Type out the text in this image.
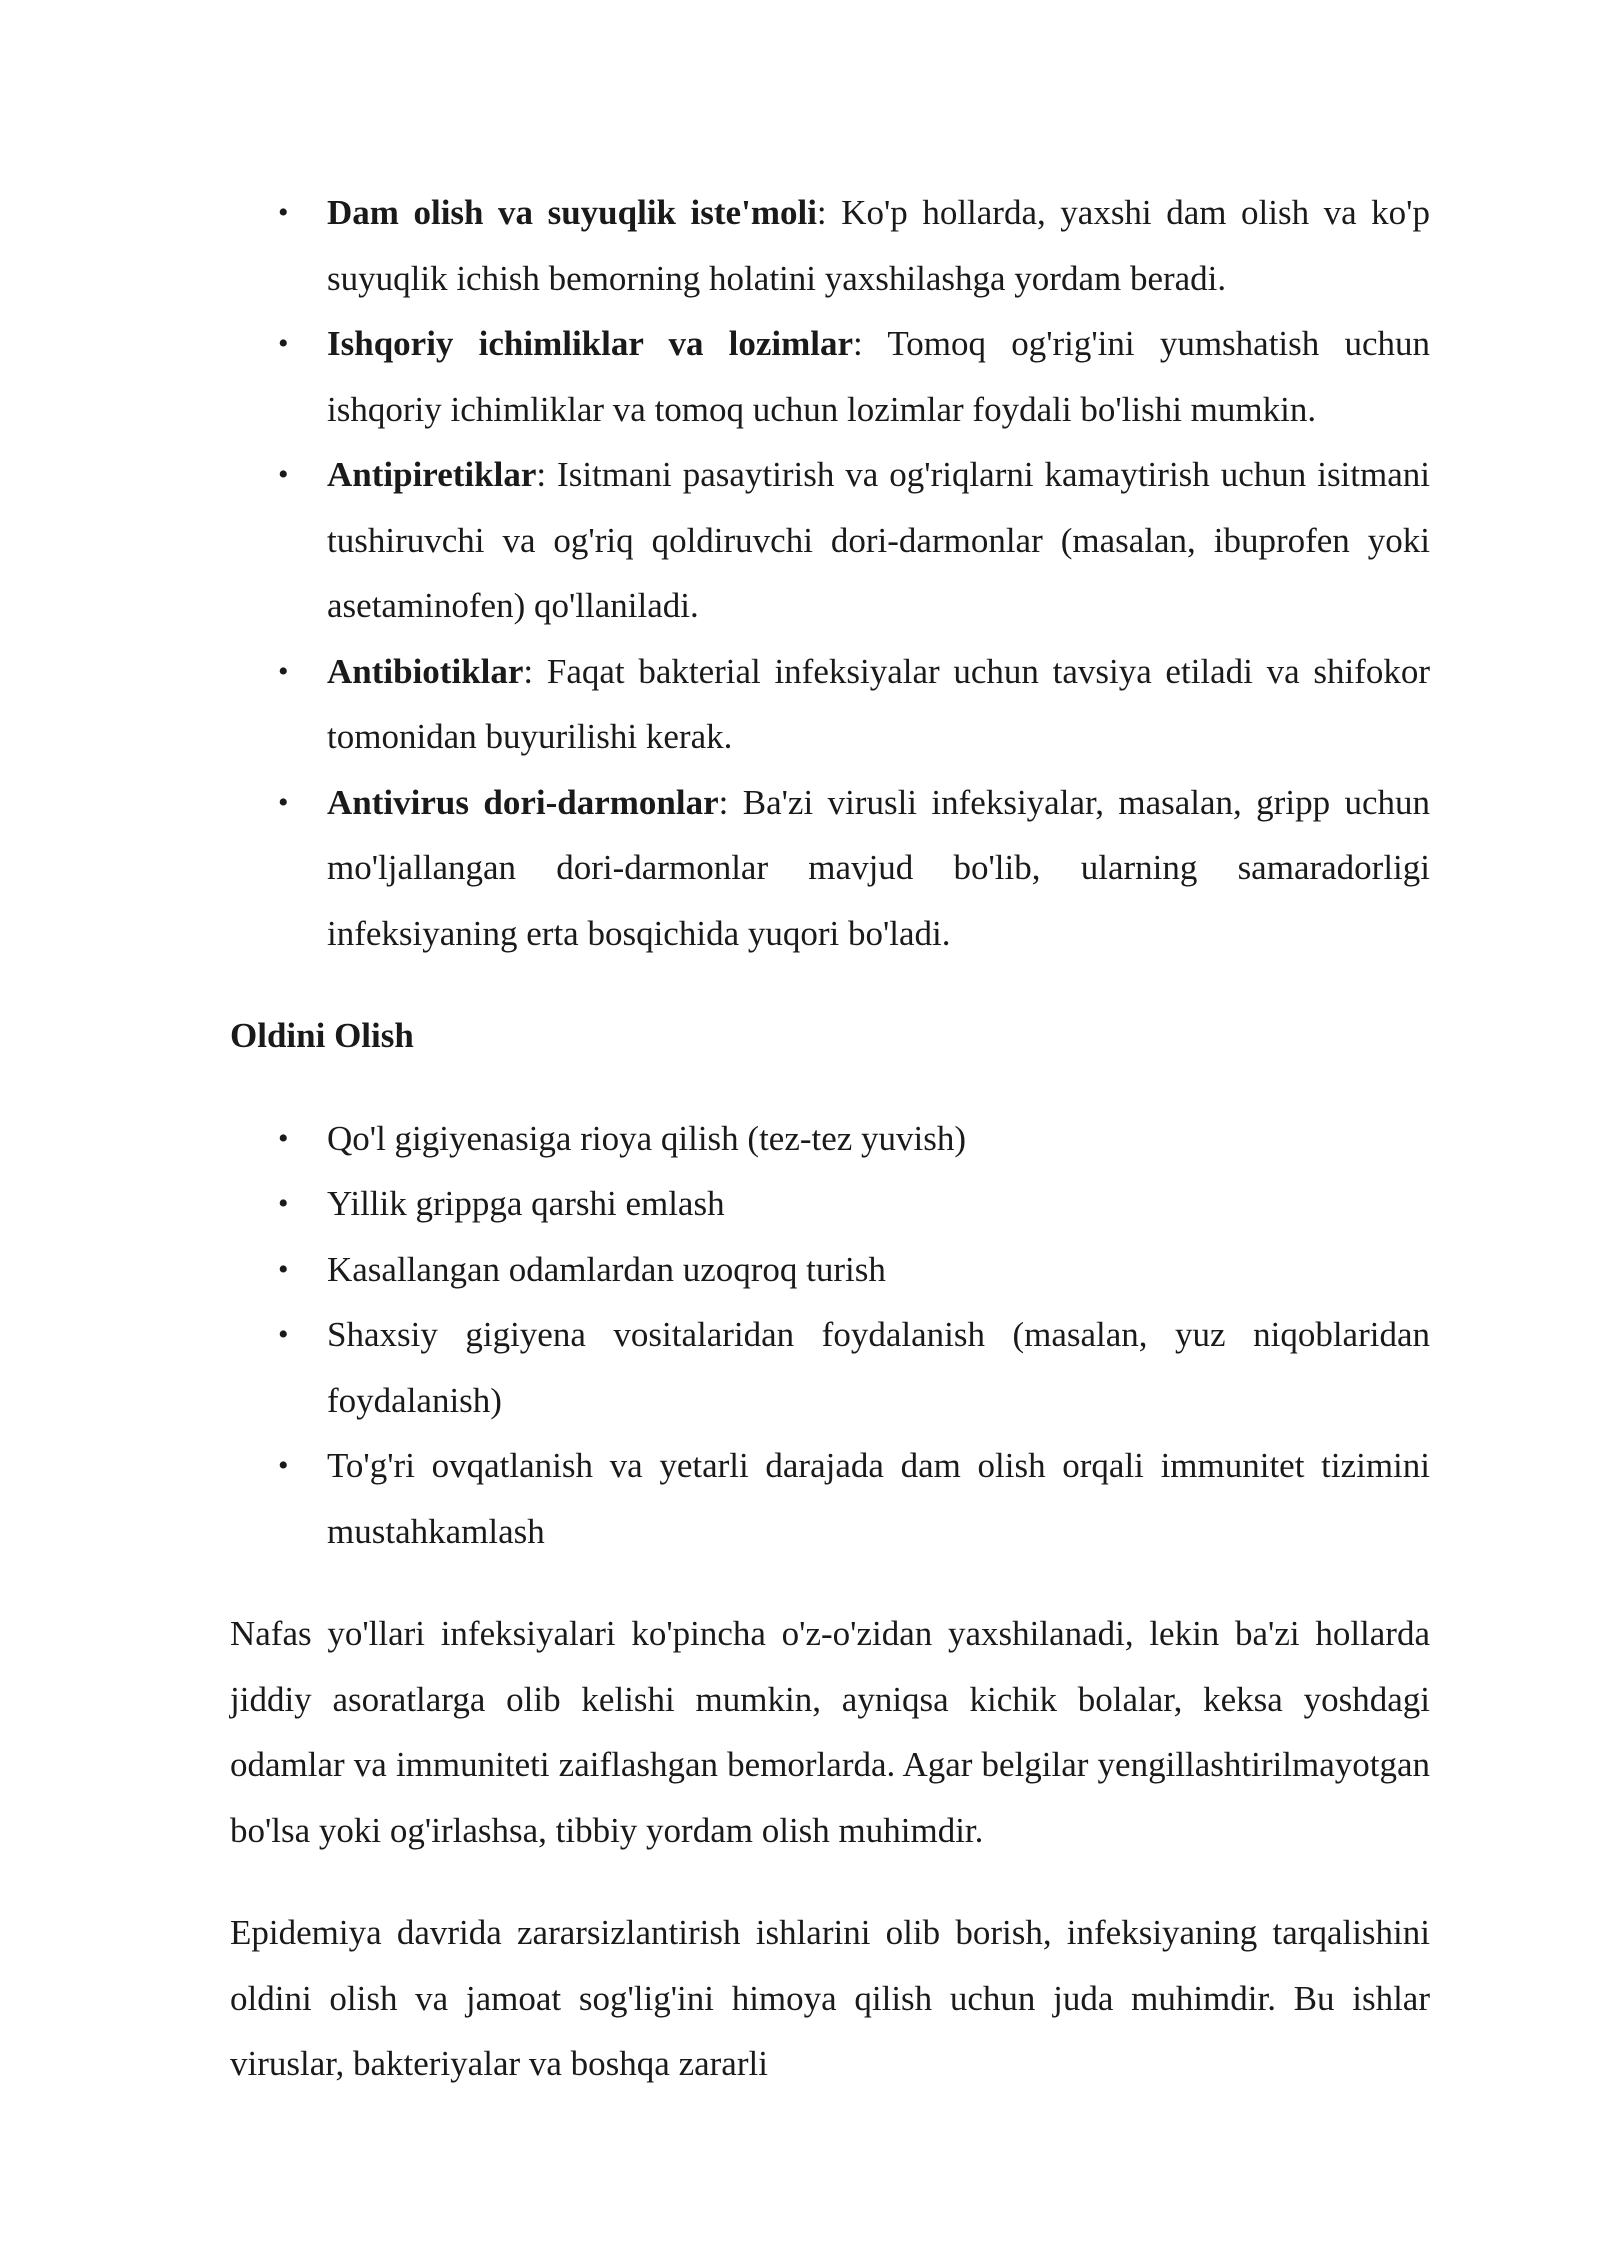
• Dam olish va suyuqlik iste'moli: Ko'p hollarda, yaxshi dam olish va ko'p suyuqlik ichish bemorning holatini yaxshilashga yordam beradi.
• Ishqoriy ichimliklar va lozimlar: Tomoq og'rig'ini yumshatish uchun ishqoriy ichimliklar va tomoq uchun lozimlar foydali bo'lishi mumkin.
• Antipiretiklar: Isitmani pasaytirish va og'riqlarni kamaytirish uchun isitmani tushiruvchi va og'riq qoldiruvchi dori-darmonlar (masalan, ibuprofen yoki asetaminofen) qo'llaniladi.
• Antibiotiklar: Faqat bakterial infeksiyalar uchun tavsiya etiladi va shifokor tomonidan buyurilishi kerak.
• Antivirus dori-darmonlar: Ba'zi virusli infeksiyalar, masalan, gripp uchun mo'ljallangan dori-darmonlar mavjud bo'lib, ularning samaradorligi infeksiyaning erta bosqichida yuqori bo'ladi.
Oldini Olish
• Qo'l gigiyenasiga rioya qilish (tez-tez yuvish)
• Yillik grippga qarshi emlash
• Kasallangan odamlardan uzoqroq turish
• Shaxsiy gigiyena vositalaridan foydalanish (masalan, yuz niqoblaridan foydalanish)
• To'g'ri ovqatlanish va yetarli darajada dam olish orqali immunitet tizimini mustahkamlash

Nafas yo'llari infeksiyalari ko'pincha o'z-o'zidan yaxshilanadi, lekin ba'zi hollarda jiddiy asoratlarga olib kelishi mumkin, ayniqsa kichik bolalar, keksa yoshdagi odamlar va immuniteti zaiflashgan bemorlarda. Agar belgilar yengillashtirilmayotgan bo'lsa yoki og'irlashsa, tibbiy yordam olish muhimdir.

Epidemiya davrida zararsizlantirish ishlarini olib borish, infeksiyaning tarqalishini oldini olish va jamoat sog'lig'ini himoya qilish uchun juda muhimdir. Bu ishlar viruslar, bakteriyalar va boshqa zararli
